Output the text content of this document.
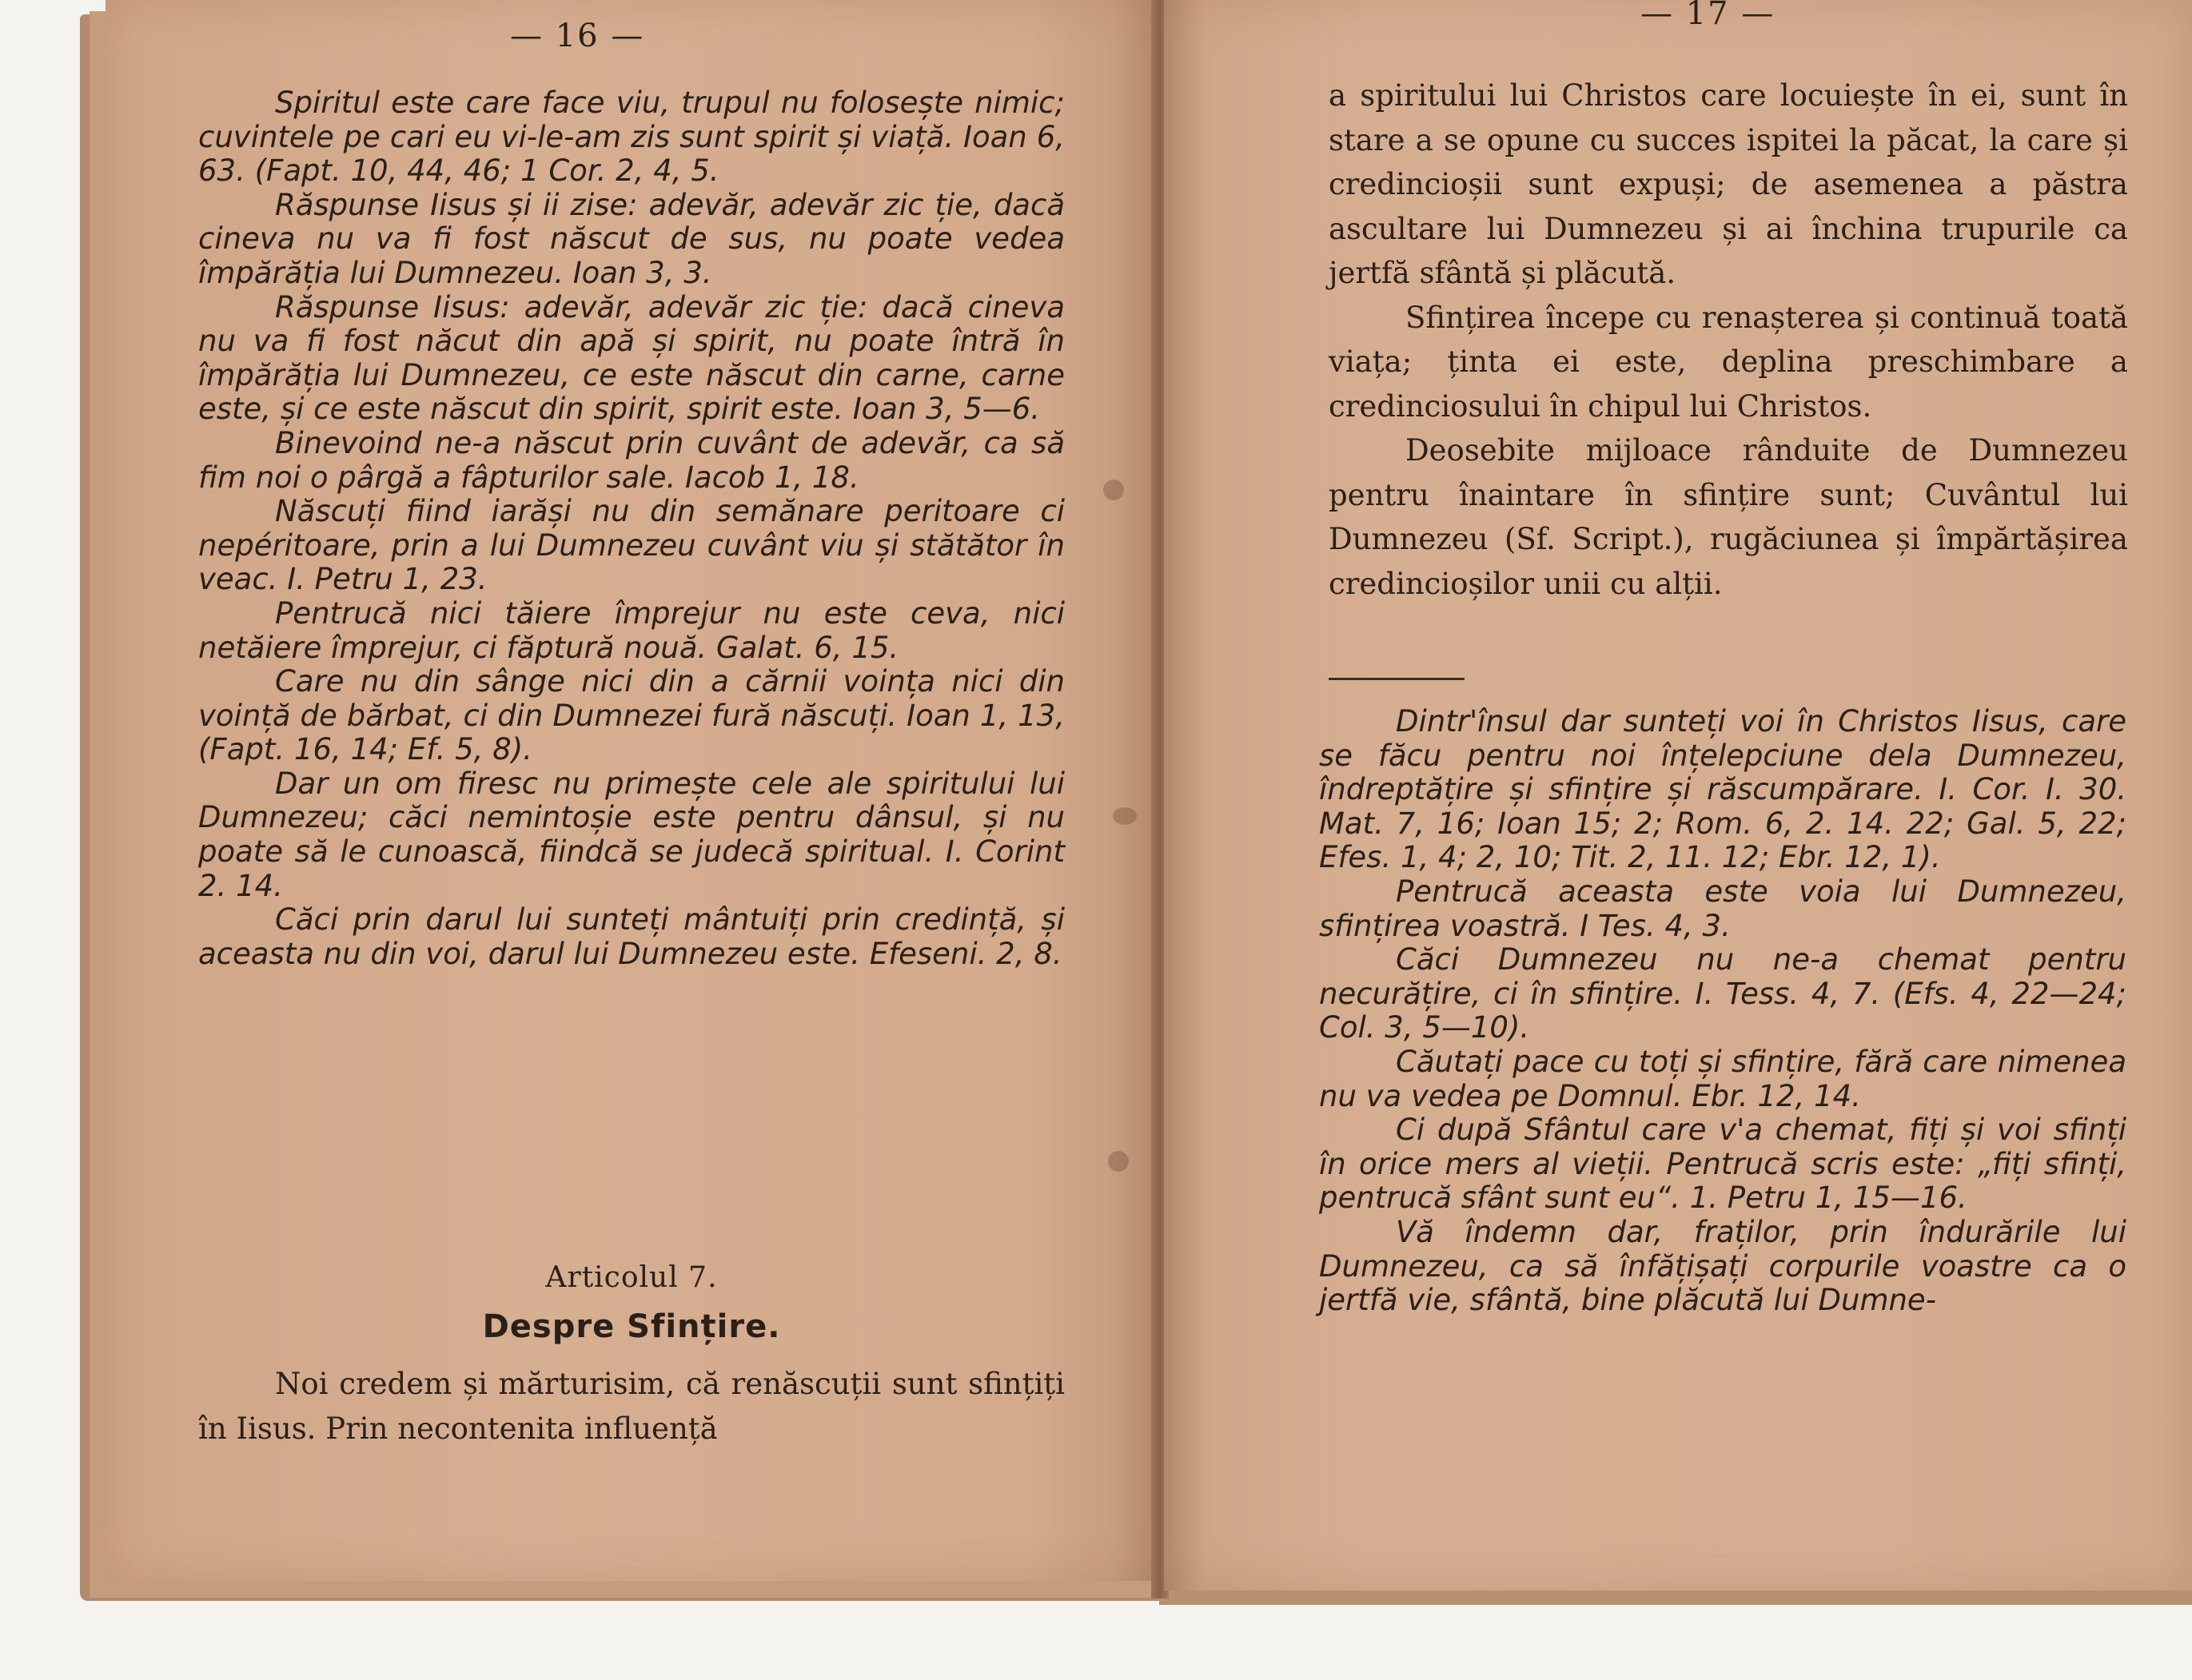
— 16 —

Spiritul este care face viu, trupul nu folosește nimic; cuvintele pe cari eu vi-le-am zis sunt spirit și viață. Ioan 6, 63. (Fapt. 10, 44, 46; 1 Cor. 2, 4, 5.

Răspunse Iisus și ii zise: adevăr, adevăr zic ție, dacă cineva nu va fi fost născut de sus, nu poate vedea împărăția lui Dumnezeu. Ioan 3, 3.

Răspunse Iisus: adevăr, adevăr zic ție: dacă cineva nu va fi fost năcut din apă și spirit, nu poate întră în împărăția lui Dumnezeu, ce este născut din carne, carne este, și ce este născut din spirit, spirit este. Ioan 3, 5—6.

Binevoind ne-a născut prin cuvânt de adevăr, ca să fim noi o pârgă a fâpturilor sale. Iacob 1, 18.

Născuți fiind iarăși nu din semănare peritoare ci nepéritoare, prin a lui Dumnezeu cuvânt viu și stătător în veac. I. Petru 1, 23.

Pentrucă nici tăiere împrejur nu este ceva, nici netăiere împrejur, ci făptură nouă. Galat. 6, 15.

Care nu din sânge nici din a cărnii voința nici din voință de bărbat, ci din Dumnezei fură născuți. Ioan 1, 13, (Fapt. 16, 14; Ef. 5, 8).

Dar un om firesc nu primește cele ale spiritului lui Dumnezeu; căci nemintoșie este pentru dânsul, și nu poate să le cunoască, fiindcă se judecă spiritual. I. Corint 2. 14.

Căci prin darul lui sunteți mântuiți prin credință, și aceasta nu din voi, darul lui Dumnezeu este. Efeseni. 2, 8.

Articolul 7.

Despre Sfințire.

Noi credem și mărturisim, că renăscuții sunt sfințiți în Iisus. Prin necontenita influență

— 17 —

a spiritului lui Christos care locuiește în ei, sunt în stare a se opune cu succes ispitei la păcat, la care și credincioșii sunt expuși; de asemenea a păstra ascultare lui Dumnezeu și ai închina trupurile ca jertfă sfântă și plăcută.

Sfințirea începe cu renașterea și continuă toată viața; ținta ei este, deplina preschimbare a credinciosului în chipul lui Christos.

Deosebite mijloace rânduite de Dumnezeu pentru înaintare în sfințire sunt; Cuvântul lui Dumnezeu (Sf. Script.), rugăciunea și împărtășirea credincioșilor unii cu alții.

Dintr'însul dar sunteți voi în Christos Iisus, care se făcu pentru noi înțelepciune dela Dumnezeu, îndreptățire și sfințire și răscumpărare. I. Cor. I. 30. Mat. 7, 16; Ioan 15; 2; Rom. 6, 2. 14. 22; Gal. 5, 22; Efes. 1, 4; 2, 10; Tit. 2, 11. 12; Ebr. 12, 1).

Pentrucă aceasta este voia lui Dumnezeu, sfințirea voastră. I Tes. 4, 3.

Căci Dumnezeu nu ne-a chemat pentru necurățire, ci în sfințire. I. Tess. 4, 7. (Efs. 4, 22—24; Col. 3, 5—10).

Căutați pace cu toți și sfințire, fără care nimenea nu va vedea pe Domnul. Ebr. 12, 14.

Ci după Sfântul care v'a chemat, fiți și voi sfinți în orice mers al vieții. Pentrucă scris este: „fiți sfinți, pentrucă sfânt sunt eu“. 1. Petru 1, 15—16.

Vă îndemn dar, fraților, prin îndurările lui Dumnezeu, ca să înfățișați corpurile voastre ca o jertfă vie, sfântă, bine plăcută lui Dumne-
